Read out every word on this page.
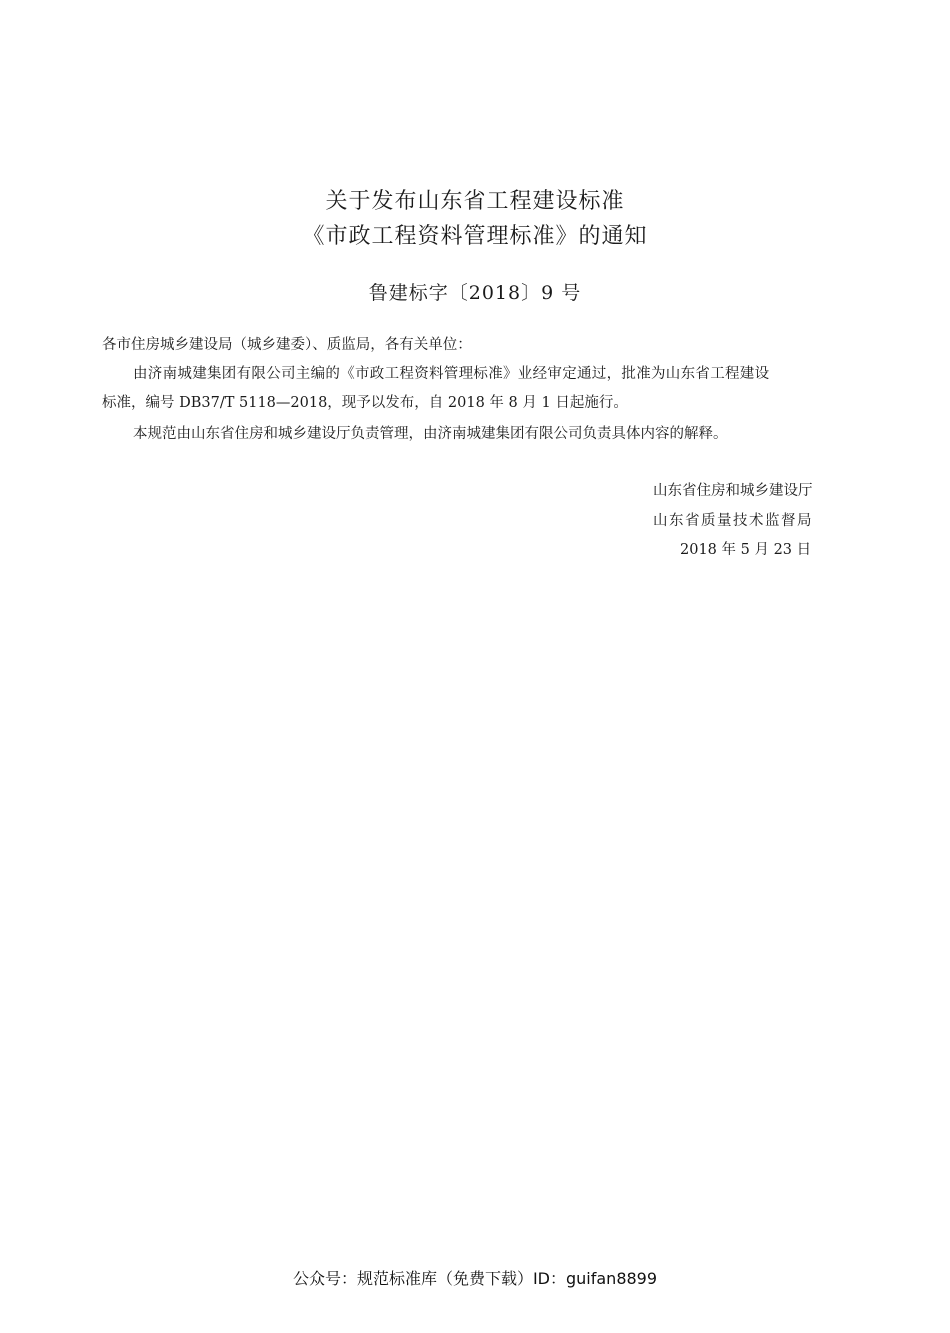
关于发布山东省工程建设标准
《市政工程资料管理标准》的通知
鲁建标字〔2018〕9 号
各市住房城乡建设局（城乡建委）、质监局，各有关单位：
由济南城建集团有限公司主编的《市政工程资料管理标准》业经审定通过，批准为山东省工程建设
标准，编号 DB37/T 5118—2018，现予以发布，自 2018 年 8 月 1 日起施行。
本规范由山东省住房和城乡建设厅负责管理，由济南城建集团有限公司负责具体内容的解释。
山东省住房和城乡建设厅
山东省质量技术监督局
2018 年 5 月 23 日
公众号：规范标准库（免费下载）ID：guifan8899
